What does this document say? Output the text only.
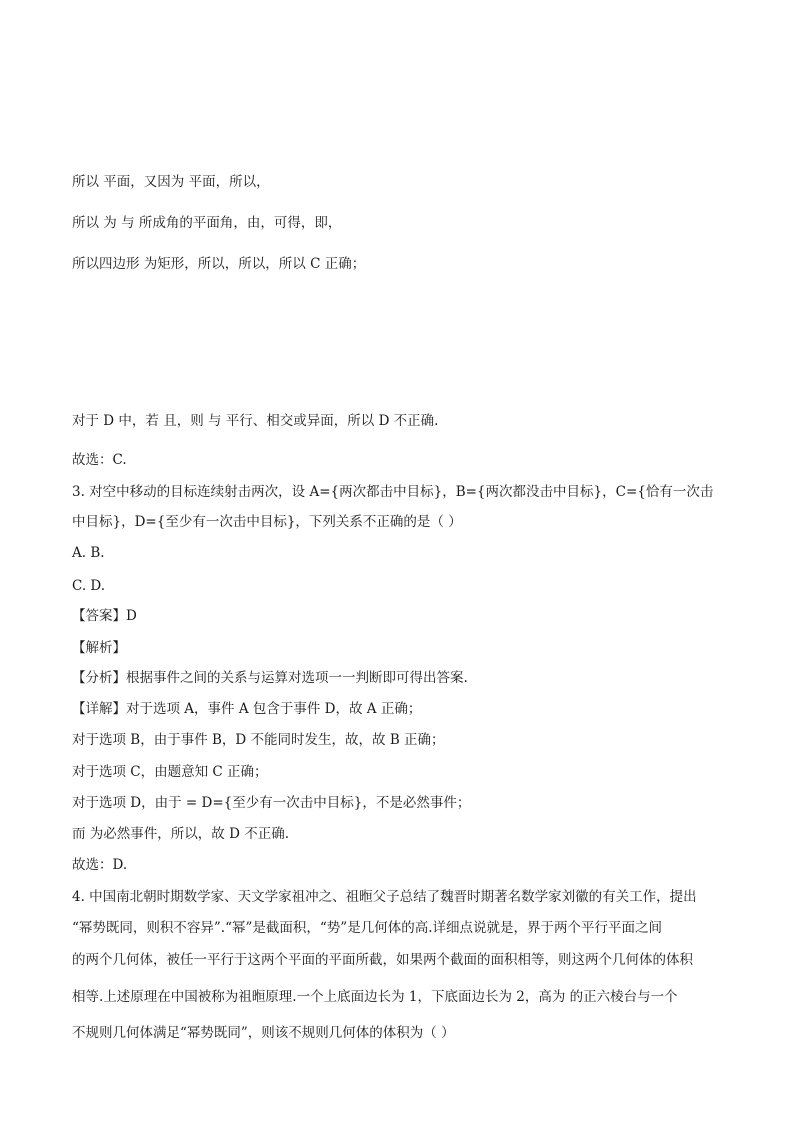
所以 平面，又因为 平面，所以，
所以 为 与 所成角的平面角，由，可得，即，
所以四边形 为矩形，所以，所以，所以 C 正确；
对于 D 中，若 且，则 与 平行、相交或异面，所以 D 不正确.
故选：C.
3. 对空中移动的目标连续射击两次，设 A={两次都击中目标}，B={两次都没击中目标}，C={恰有一次击
中目标}，D={至少有一次击中目标}，下列关系不正确的是（ ）
A. B.
C. D.
【答案】D
【解析】
【分析】根据事件之间的关系与运算对选项一一判断即可得出答案.
【详解】对于选项 A，事件 A 包含于事件 D，故 A 正确；
对于选项 B，由于事件 B，D 不能同时发生，故，故 B 正确；
对于选项 C，由题意知 C 正确；
对于选项 D，由于 = D={至少有一次击中目标}，不是必然事件；
而 为必然事件，所以，故 D 不正确.
故选：D.
4. 中国南北朝时期数学家、天文学家祖冲之、祖暅父子总结了魏晋时期著名数学家刘徽的有关工作，提出
“幂势既同，则积不容异”.“幂”是截面积，“势”是几何体的高.详细点说就是，界于两个平行平面之间
的两个几何体，被任一平行于这两个平面的平面所截，如果两个截面的面积相等，则这两个几何体的体积
相等.上述原理在中国被称为祖暅原理.一个上底面边长为 1，下底面边长为 2，高为 的正六棱台与一个
不规则几何体满足“幂势既同”，则该不规则几何体的体积为（ ）
